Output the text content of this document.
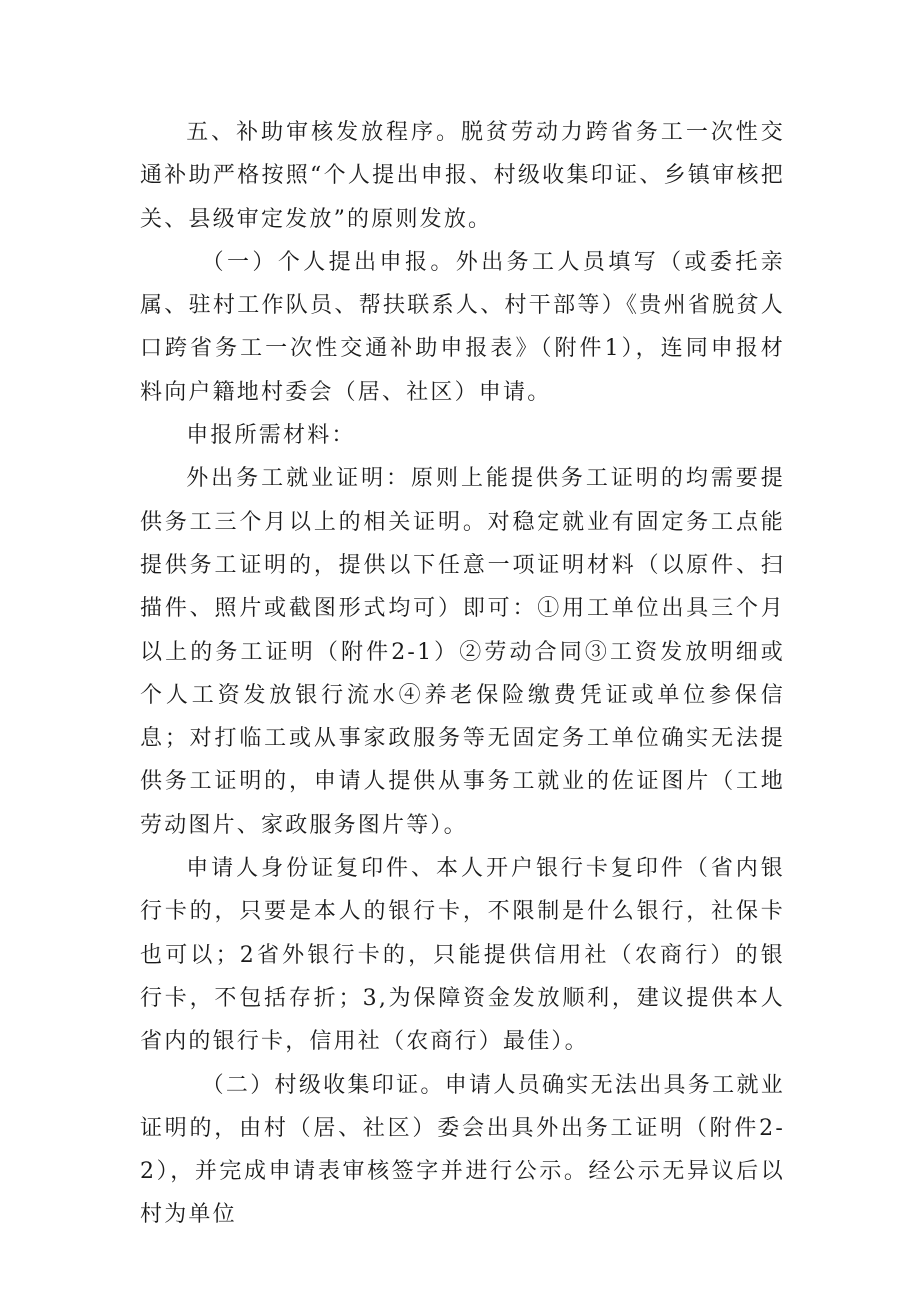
五、补助审核发放程序。脱贫劳动力跨省务工一次性交通补助严格按照“个人提出申报、村级收集印证、乡镇审核把关、县级审定发放”的原则发放。

（一）个人提出申报。外出务工人员填写（或委托亲属、驻村工作队员、帮扶联系人、村干部等）《贵州省脱贫人口跨省务工一次性交通补助申报表》（附件1），连同申报材料向户籍地村委会（居、社区）申请。

申报所需材料：

外出务工就业证明：原则上能提供务工证明的均需要提供务工三个月以上的相关证明。对稳定就业有固定务工点能提供务工证明的，提供以下任意一项证明材料（以原件、扫描件、照片或截图形式均可）即可：①用工单位出具三个月以上的务工证明（附件2-1）②劳动合同③工资发放明细或个人工资发放银行流水④养老保险缴费凭证或单位参保信息；对打临工或从事家政服务等无固定务工单位确实无法提供务工证明的，申请人提供从事务工就业的佐证图片（工地劳动图片、家政服务图片等）。

申请人身份证复印件、本人开户银行卡复印件（省内银行卡的，只要是本人的银行卡，不限制是什么银行，社保卡也可以；2省外银行卡的，只能提供信用社（农商行）的银行卡，不包括存折；3,为保障资金发放顺利，建议提供本人省内的银行卡，信用社（农商行）最佳）。

（二）村级收集印证。申请人员确实无法出具务工就业证明的，由村（居、社区）委会出具外出务工证明（附件2-2），并完成申请表审核签字并进行公示。经公示无异议后以村为单位
